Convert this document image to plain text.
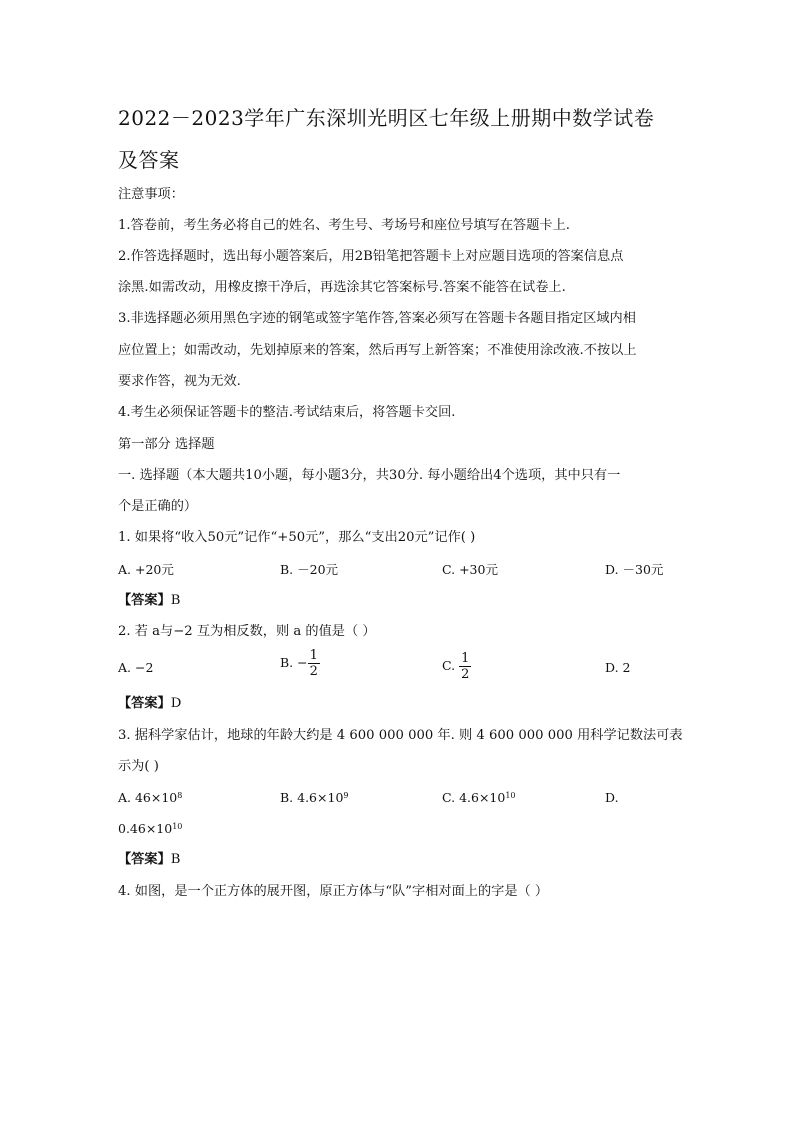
2022－2023学年广东深圳光明区七年级上册期中数学试卷
及答案
注意事项：
1.答卷前，考生务必将自己的姓名、考生号、考场号和座位号填写在答题卡上.
2.作答选择题时，选出每小题答案后，用2B铅笔把答题卡上对应题目选项的答案信息点
涂黑.如需改动，用橡皮擦干净后，再选涂其它答案标号.答案不能答在试卷上.
3.非选择题必须用黑色字迹的钢笔或签字笔作答,答案必须写在答题卡各题目指定区域内相
应位置上；如需改动，先划掉原来的答案，然后再写上新答案；不准使用涂改液.不按以上
要求作答，视为无效.
4.考生必须保证答题卡的整洁.考试结束后，将答题卡交回.
第一部分 选择题
一. 选择题（本大题共10小题，每小题3分，共30分. 每小题给出4个选项，其中只有一
个是正确的）
1. 如果将“收入50元”记作“+50元”，那么“支出20元”记作( )
A. +20元	B. －20元	C. +30元	D. －30元
【答案】B
2. 若 a与−2 互为相反数，则 a 的值是（ ）
A. −2	B. − $\frac{1}{2}$	C. $\frac{1}{2}$	D. 2
【答案】D
3. 据科学家估计，地球的年龄大约是 4 600 000 000 年. 则 4 600 000 000 用科学记数法可表
示为( )
A. $46\times 10^8$	B. $4.6\times 10^9$	C. $4.6\times 10^{10}$	D.
$0.46\times 10^{10}$
【答案】B
4. 如图，是一个正方体的展开图，原正方体与“队”字相对面上的字是（ ）
